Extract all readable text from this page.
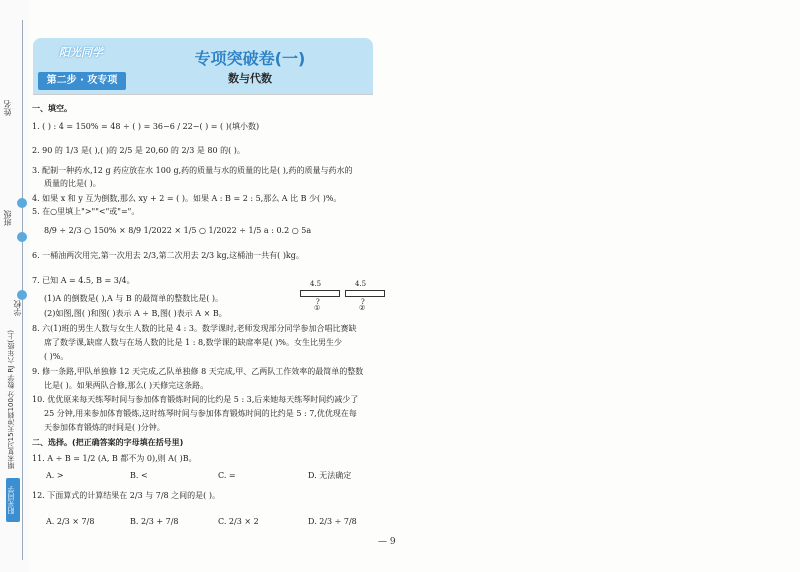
姓名
班级
学校
期末复习15天冲刺100分 数学 RJ 六年级(上)
阳光同学
阳光同学
第二步 · 攻专项
专项突破卷(一)
数与代数
一、填空。
1. ( ) : 4 = 150% = 48 ÷ ( ) = 36−6 / 22−( ) = ( )(填小数)
2. 90 的 1/3 是( ),( )的 2/5 是 20,60 的 2/3 是 80 的( )。
3. 配制一种药水,12 g 药应放在水 100 g,药的质量与水的质量的比是( ),药的质量与药水的
质量的比是( )。
4. 如果 x 和 y 互为倒数,那么 xy + 2 = ( )。如果 A : B = 2 : 5,那么 A 比 B 少( )%。
5. 在○里填上">""<"或"="。
8/9 ÷ 2/3 ○ 150% × 8/9 1/2022 × 1/5 ○ 1/2022 ÷ 1/5 a : 0.2 ○ 5a
6. 一桶油两次用完,第一次用去 2/3,第二次用去 2/3 kg,这桶油一共有( )kg。
7. 已知 A = 4.5, B = 3/4。
(1)A 的倒数是( ),A 与 B 的最简单的整数比是( )。
(2)如图,图( )和图( )表示 A ÷ B,图( )表示 A × B。
4.5
?
①
4.5
?
②
8. 六(1)班的男生人数与女生人数的比是 4 : 3。数学课时,老师发现部分同学参加合唱比赛缺
席了数学课,缺席人数与在场人数的比是 1 : 8,数学课的缺席率是( )%。女生比男生少
( )%。
9. 修一条路,甲队单独修 12 天完成,乙队单独修 8 天完成,甲、乙两队工作效率的最简单的整数
比是( )。如果两队合修,那么( )天修完这条路。
10. 优优原来每天练琴时间与参加体育锻炼时间的比约是 5 : 3,后来她每天练琴时间约减少了
25 分钟,用来参加体育锻炼,这时练琴时间与参加体育锻炼时间的比约是 5 : 7,优优现在每
天参加体育锻炼的时间是( )分钟。
二、选择。(把正确答案的字母填在括号里)
11. A ÷ B = 1/2 (A, B 都不为 0),则 A( )B。
A. >	B. <	C. =	D. 无法确定
12. 下面算式的计算结果在 2/3 与 7/8 之间的是( )。
A. 2/3 × 7/8	B. 2/3 + 7/8	C. 2/3 × 2	D. 2/3 ÷ 7/8
— 9
